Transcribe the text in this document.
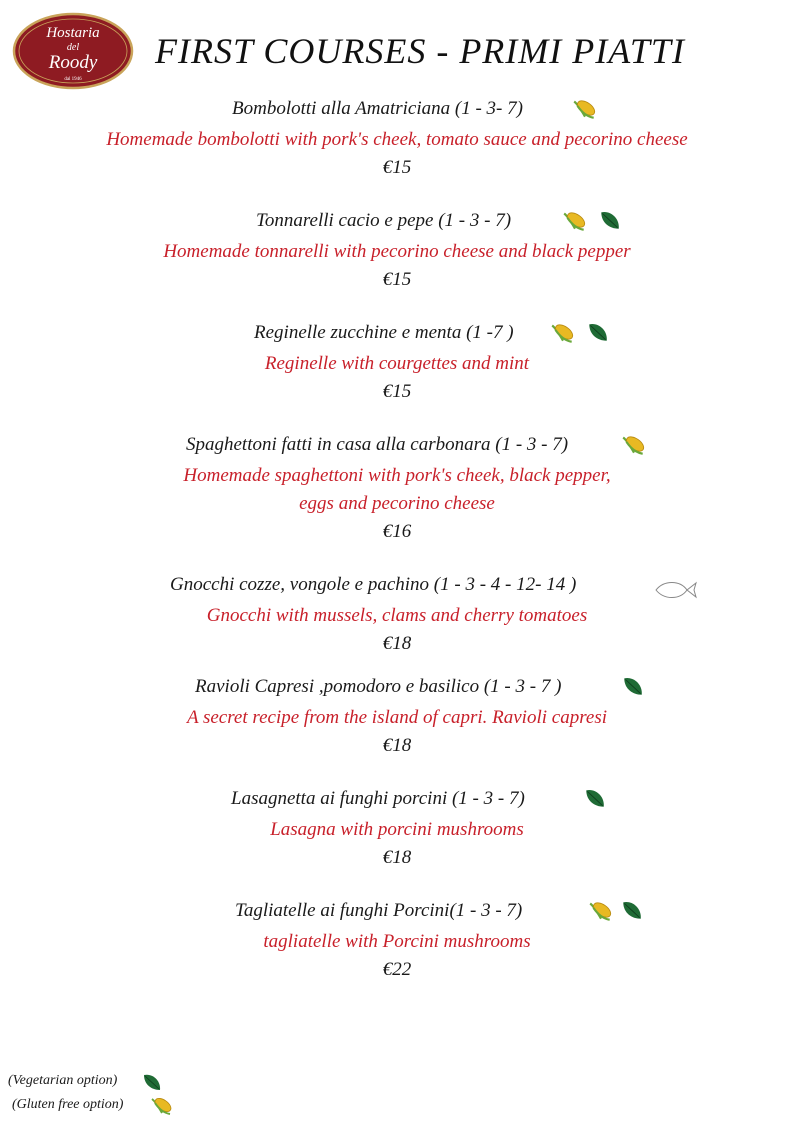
Hostaria
del
Roody
dal 1946
FIRST COURSES - PRIMI PIATTI
Bombolotti alla Amatriciana (1 - 3- 7)
Homemade bombolotti with pork's cheek, tomato sauce and pecorino cheese
€15
Tonnarelli cacio e pepe (1 - 3 - 7)
Homemade tonnarelli with pecorino cheese and black pepper
€15
Reginelle zucchine e menta (1 -7 )
Reginelle with courgettes and mint
€15
Spaghettoni fatti in casa alla carbonara (1 - 3 - 7)
Homemade spaghettoni with pork's cheek, black pepper,
eggs and pecorino cheese
€16
Gnocchi cozze, vongole e pachino (1 - 3 - 4 - 12- 14 )
Gnocchi with mussels, clams and cherry tomatoes
€18
Ravioli Capresi ,pomodoro e basilico (1 - 3 - 7 )
A secret recipe from the island of capri. Ravioli capresi
€18
Lasagnetta ai funghi porcini (1 - 3 - 7)
Lasagna with porcini mushrooms
€18
Tagliatelle ai funghi Porcini(1 - 3 - 7)
tagliatelle with Porcini mushrooms
€22
(Vegetarian option)
(Gluten free option)
